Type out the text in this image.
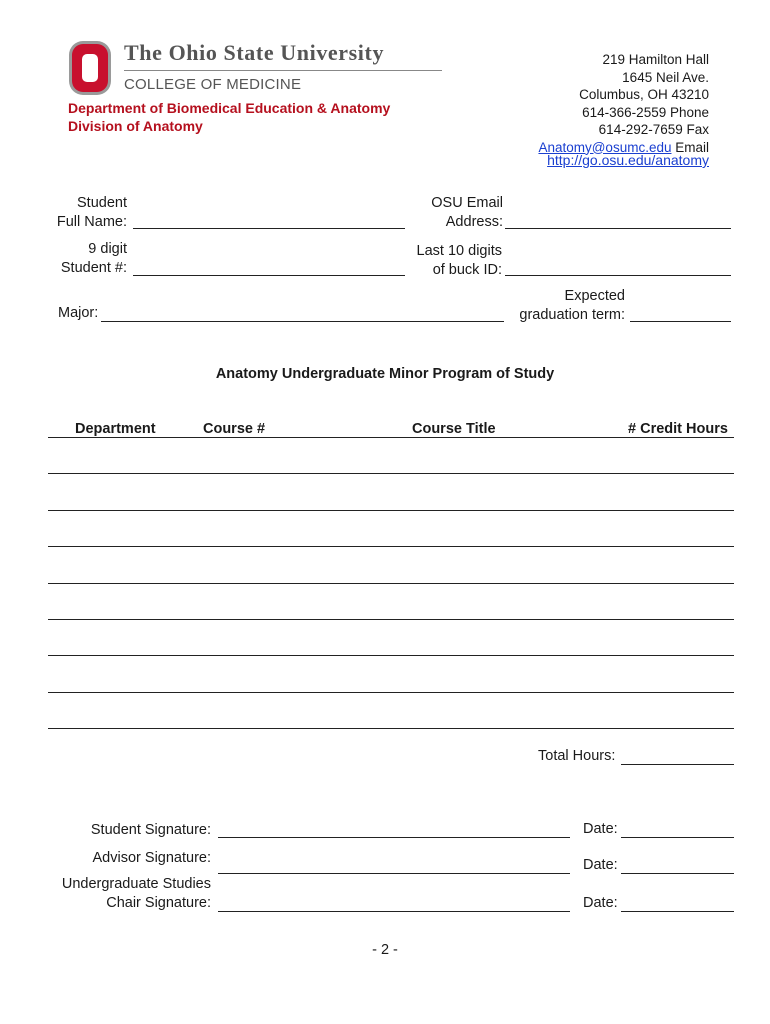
The Ohio State University
COLLEGE OF MEDICINE
Department of Biomedical Education & Anatomy
Division of Anatomy
219 Hamilton Hall
1645 Neil Ave.
Columbus, OH 43210
614-366-2559 Phone
614-292-7659 Fax
Anatomy@osumc.edu Email
http://go.osu.edu/anatomy
Student
Full Name:
OSU Email
Address:
9 digit
Student #:
Last 10 digits
of buck ID:
Major:
Expected
graduation term:
Anatomy Undergraduate Minor Program of Study
Department	Course #	Course Title	# Credit Hours
Total Hours:
Student Signature:	Date:
Advisor Signature:	Date:
Undergraduate Studies
Chair Signature:	Date:
- 2 -
